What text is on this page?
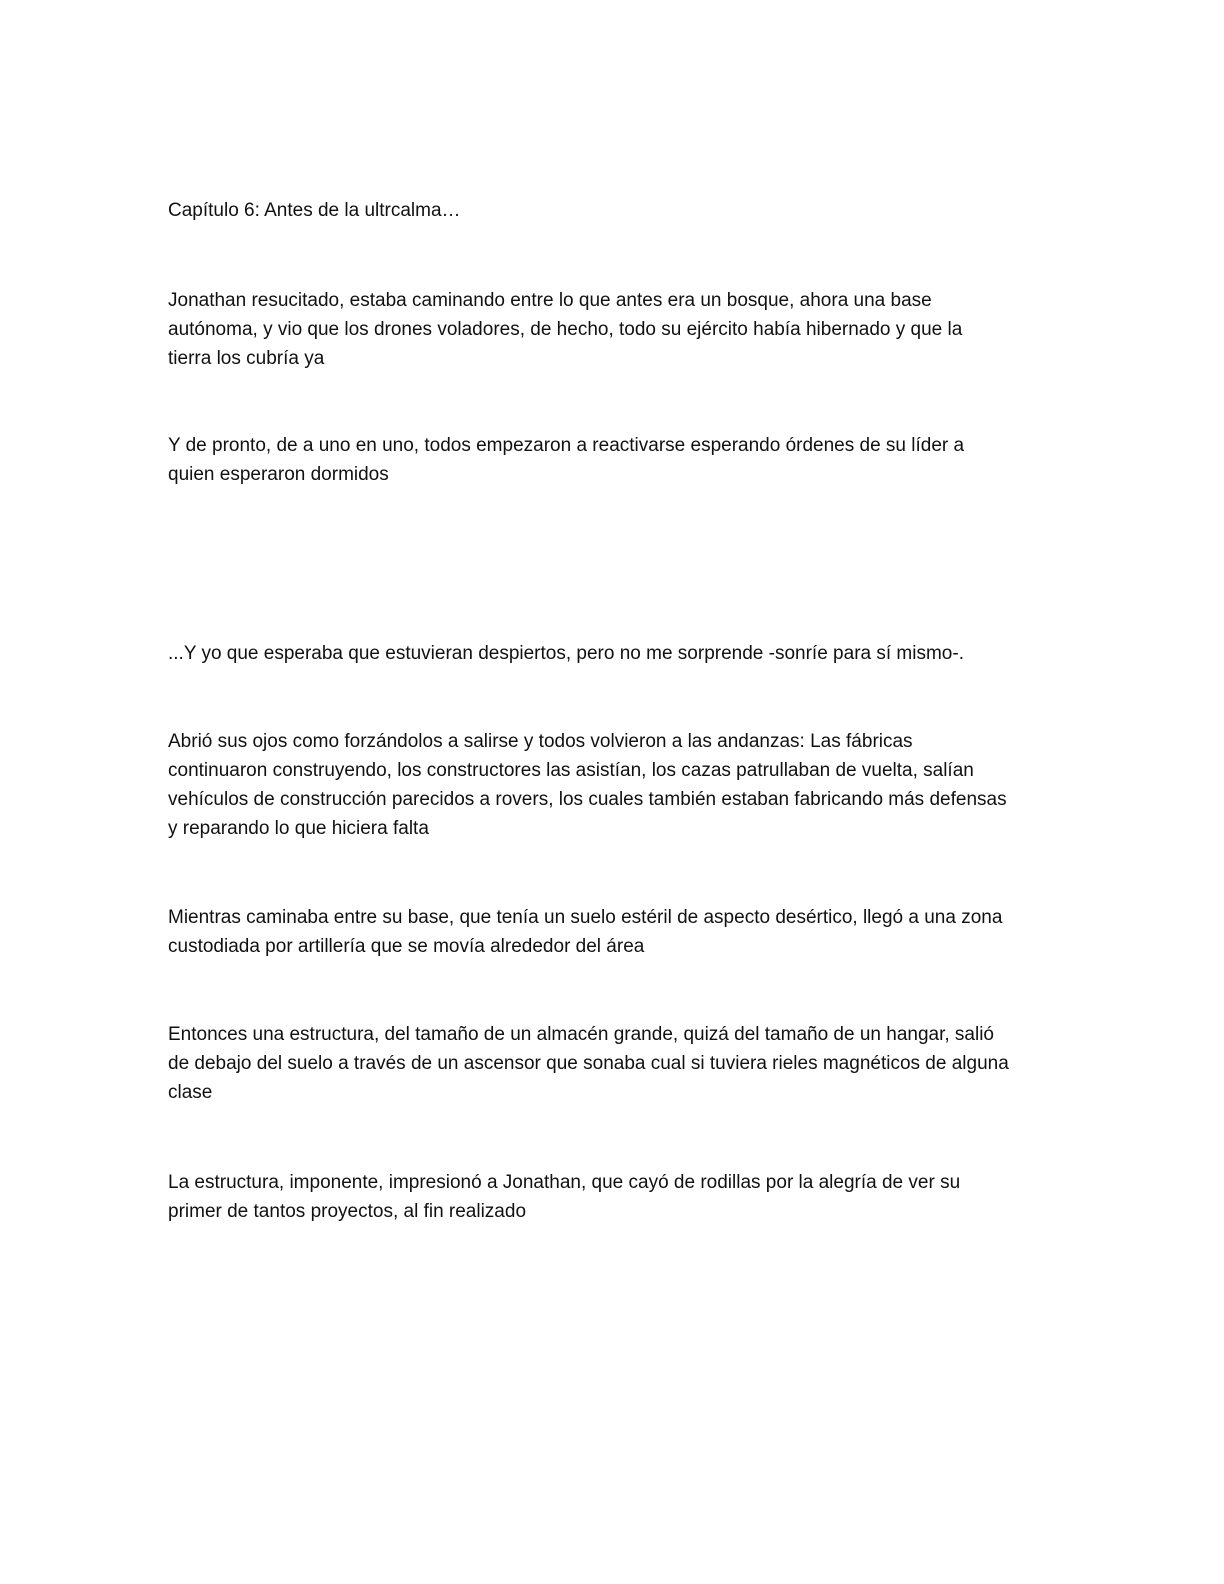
Capítulo 6: Antes de la ultrcalma…

Jonathan resucitado, estaba caminando entre lo que antes era un bosque, ahora una base
autónoma, y vio que los drones voladores, de hecho, todo su ejército había hibernado y que la
tierra los cubría ya

Y de pronto, de a uno en uno, todos empezaron a reactivarse esperando órdenes de su líder a
quien esperaron dormidos

...Y yo que esperaba que estuvieran despiertos, pero no me sorprende -sonríe para sí mismo-.

Abrió sus ojos como forzándolos a salirse y todos volvieron a las andanzas: Las fábricas
continuaron construyendo, los constructores las asistían, los cazas patrullaban de vuelta, salían
vehículos de construcción parecidos a rovers, los cuales también estaban fabricando más defensas
y reparando lo que hiciera falta

Mientras caminaba entre su base, que tenía un suelo estéril de aspecto desértico, llegó a una zona
custodiada por artillería que se movía alrededor del área

Entonces una estructura, del tamaño de un almacén grande, quizá del tamaño de un hangar, salió
de debajo del suelo a través de un ascensor que sonaba cual si tuviera rieles magnéticos de alguna
clase

La estructura, imponente, impresionó a Jonathan, que cayó de rodillas por la alegría de ver su
primer de tantos proyectos, al fin realizado
